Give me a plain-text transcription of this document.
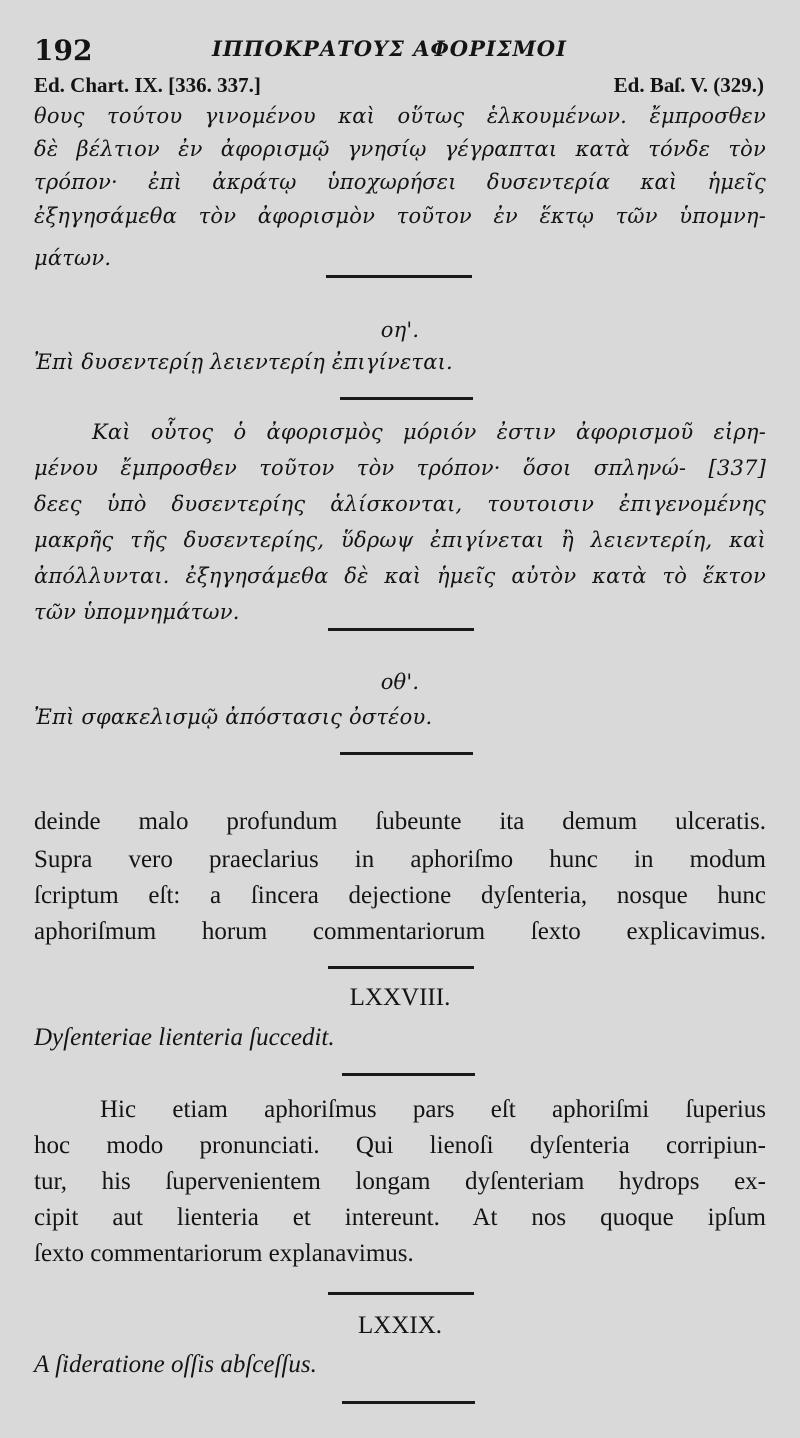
192	ΙΠΠΟΚΡΑΤΟΥΣ ΑΦΟΡΙΣΜΟΙ
Ed. Chart. IX. [336. 337.]	Ed. Baſ. V. (329.)
θους τούτου γινομένου καὶ οὕτως ἑλκουμένων. ἔμπροσθεν
δὲ βέλτιον ἐν ἀφορισμῷ γνησίῳ γέγραπται κατὰ τόνδε τὸν
τρόπον· ἐπὶ ἀκράτῳ ὑποχωρήσει δυσεντερία καὶ ἡμεῖς
ἐξηγησάμεθα τὸν ἀφορισμὸν τοῦτον ἐν ἕκτῳ τῶν ὑπομνη-
μάτων.
οη'.
Ἐπὶ δυσεντερίῃ λειεντερίη ἐπιγίνεται.
Καὶ οὗτος ὁ ἀφορισμὸς μόριόν ἐστιν ἀφορισμοῦ εἰρη-
μένου ἔμπροσθεν τοῦτον τὸν τρόπον· ὅσοι σπληνώ- [337]
δεες ὑπὸ δυσεντερίης ἁλίσκονται, τουτοισιν ἐπιγενομένης
μακρῆς τῆς δυσεντερίης, ὕδρωψ ἐπιγίνεται ἢ λειεντερίη, καὶ
ἀπόλλυνται. ἐξηγησάμεθα δὲ καὶ ἡμεῖς αὐτὸν κατὰ τὸ ἕκτον
τῶν ὑπομνημάτων.
οθ'.
Ἐπὶ σφακελισμῷ ἀπόστασις ὀστέου.
deinde malo profundum ſubeunte ita demum ulceratis.
Supra vero praeclarius in aphoriſmo hunc in modum
ſcriptum eſt: a ſincera dejectione dyſenteria, nosque hunc
aphoriſmum horum commentariorum ſexto explicavimus.
LXXVIII.
Dyſenteriae lienteria ſuccedit.
Hic etiam aphoriſmus pars eſt aphoriſmi ſuperius
hoc modo pronunciati. Qui lienoſi dyſenteria corripiun-
tur, his ſupervenientem longam dyſenteriam hydrops ex-
cipit aut lienteria et intereunt. At nos quoque ipſum
ſexto commentariorum explanavimus.
LXXIX.
A ſideratione oſſis abſceſſus.
